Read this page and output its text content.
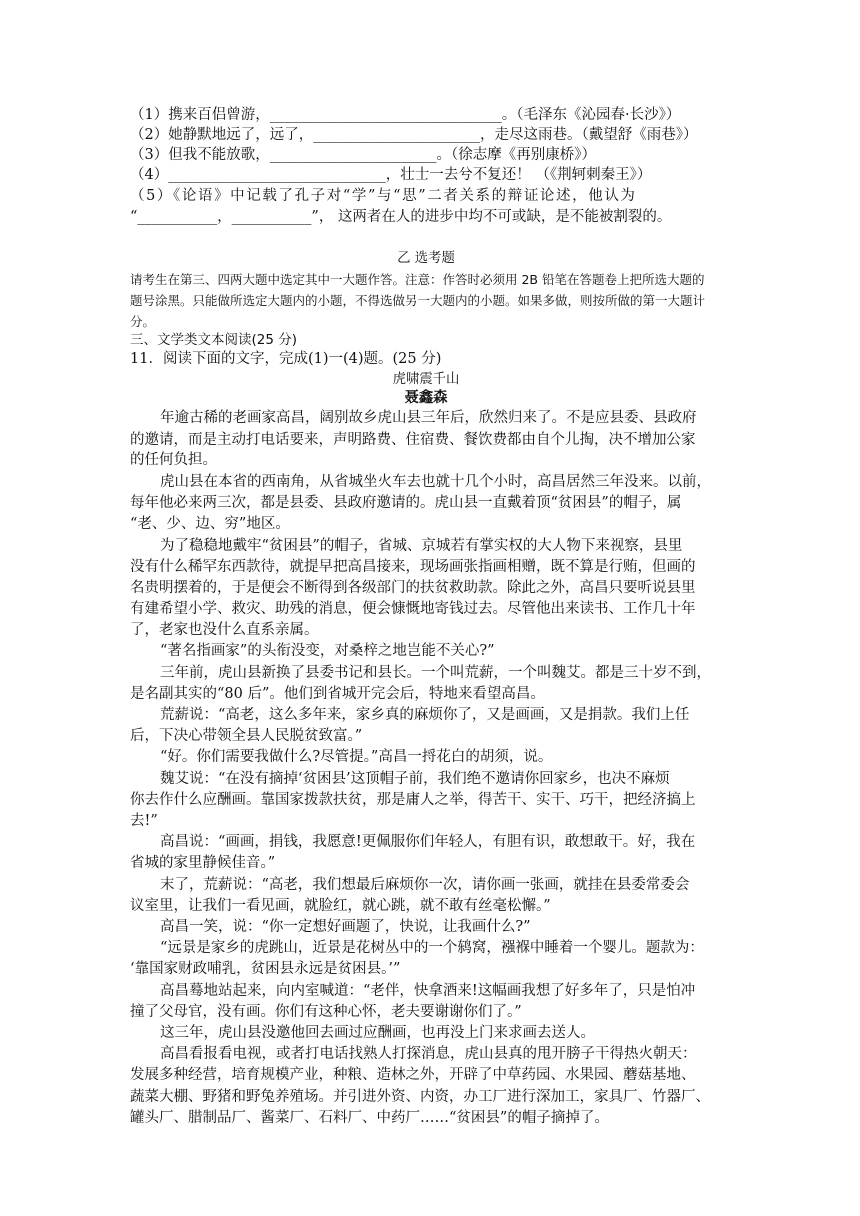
（1）携来百侣曾游，________________________________。（毛泽东《沁园春·长沙》）
（2）她静默地远了，远了，_______________________，走尽这雨巷。（戴望舒《雨巷》）
（3）但我不能放歌，_______________________。（徐志摩《再别康桥》）
（4）______________________________，壮士一去兮不复还！ （《荆轲刺秦王》）
（5）《论语》中记载了孔子对“学”与“思”二者关系的辩证论述，他认为
“___________，___________”， 这两者在人的进步中均不可或缺，是不能被割裂的。
乙 选考题
请考生在第三、四两大题中选定其中一大题作答。注意：作答时必须用 2B 铅笔在答题卷上把所选大题的
题号涂黑。只能做所选定大题内的小题，不得选做另一大题内的小题。如果多做，则按所做的第一大题计
分。
三、文学类文本阅读(25 分)
11．阅读下面的文字，完成(1)一(4)题。(25 分)
虎啸震千山
聂鑫森
年逾古稀的老画家高昌，阔别故乡虎山县三年后，欣然归来了。不是应县委、县政府
的邀请，而是主动打电话要来，声明路费、住宿费、餐饮费都由自个儿掏，决不增加公家
的任何负担。
虎山县在本省的西南角，从省城坐火车去也就十几个小时，高昌居然三年没来。以前，
每年他必来两三次，都是县委、县政府邀请的。虎山县一直戴着顶“贫困县”的帽子，属
“老、少、边、穷”地区。
为了稳稳地戴牢“贫困县”的帽子，省城、京城若有掌实权的大人物下来视察，县里
没有什么稀罕东西款待，就提早把高昌接来，现场画张指画相赠，既不算是行贿，但画的
名贵明摆着的，于是便会不断得到各级部门的扶贫救助款。除此之外，高昌只要听说县里
有建希望小学、救灾、助残的消息，便会慷慨地寄钱过去。尽管他出来读书、工作几十年
了，老家也没什么直系亲属。
“著名指画家”的头衔没变，对桑梓之地岂能不关心?”
三年前，虎山县新换了县委书记和县长。一个叫荒薪，一个叫魏艾。都是三十岁不到，
是名副其实的“80 后”。他们到省城开完会后，特地来看望高昌。
荒薪说：“高老，这么多年来，家乡真的麻烦你了，又是画画，又是捐款。我们上任
后，下决心带领全县人民脱贫致富。”
“好。你们需要我做什么?尽管提。”高昌一捋花白的胡须，说。
魏艾说：“在没有摘掉‘贫困县’这顶帽子前，我们绝不邀请你回家乡，也决不麻烦
你去作什么应酬画。靠国家拨款扶贫，那是庸人之举，得苦干、实干、巧干，把经济搞上
去!”
高昌说：“画画，捐钱，我愿意!更佩服你们年轻人，有胆有识，敢想敢干。好，我在
省城的家里静候佳音。”
末了，荒薪说：“高老，我们想最后麻烦你一次，请你画一张画，就挂在县委常委会
议室里，让我们一看见画，就脸红，就心跳，就不敢有丝毫松懈。”
高昌一笑，说：“你一定想好画题了，快说，让我画什么?”
“远景是家乡的虎跳山，近景是花树丛中的一个鸫窝，襁褓中睡着一个婴儿。题款为：
‘靠国家财政哺乳，贫困县永远是贫困县。’”
高昌蓦地站起来，向内室喊道：“老伴，快拿酒来!这幅画我想了好多年了，只是怕冲
撞了父母官，没有画。你们有这种心怀，老夫要谢谢你们了。”
这三年，虎山县没邀他回去画过应酬画，也再没上门来求画去送人。
高昌看报看电视，或者打电话找熟人打探消息，虎山县真的甩开膀子干得热火朝天：
发展多种经营，培育规模产业，种粮、造林之外，开辟了中草药园、水果园、蘑菇基地、
蔬菜大棚、野猪和野兔养殖场。并引进外资、内资，办工厂进行深加工，家具厂、竹器厂、
罐头厂、腊制品厂、酱菜厂、石料厂、中药厂……“贫困县”的帽子摘掉了。
